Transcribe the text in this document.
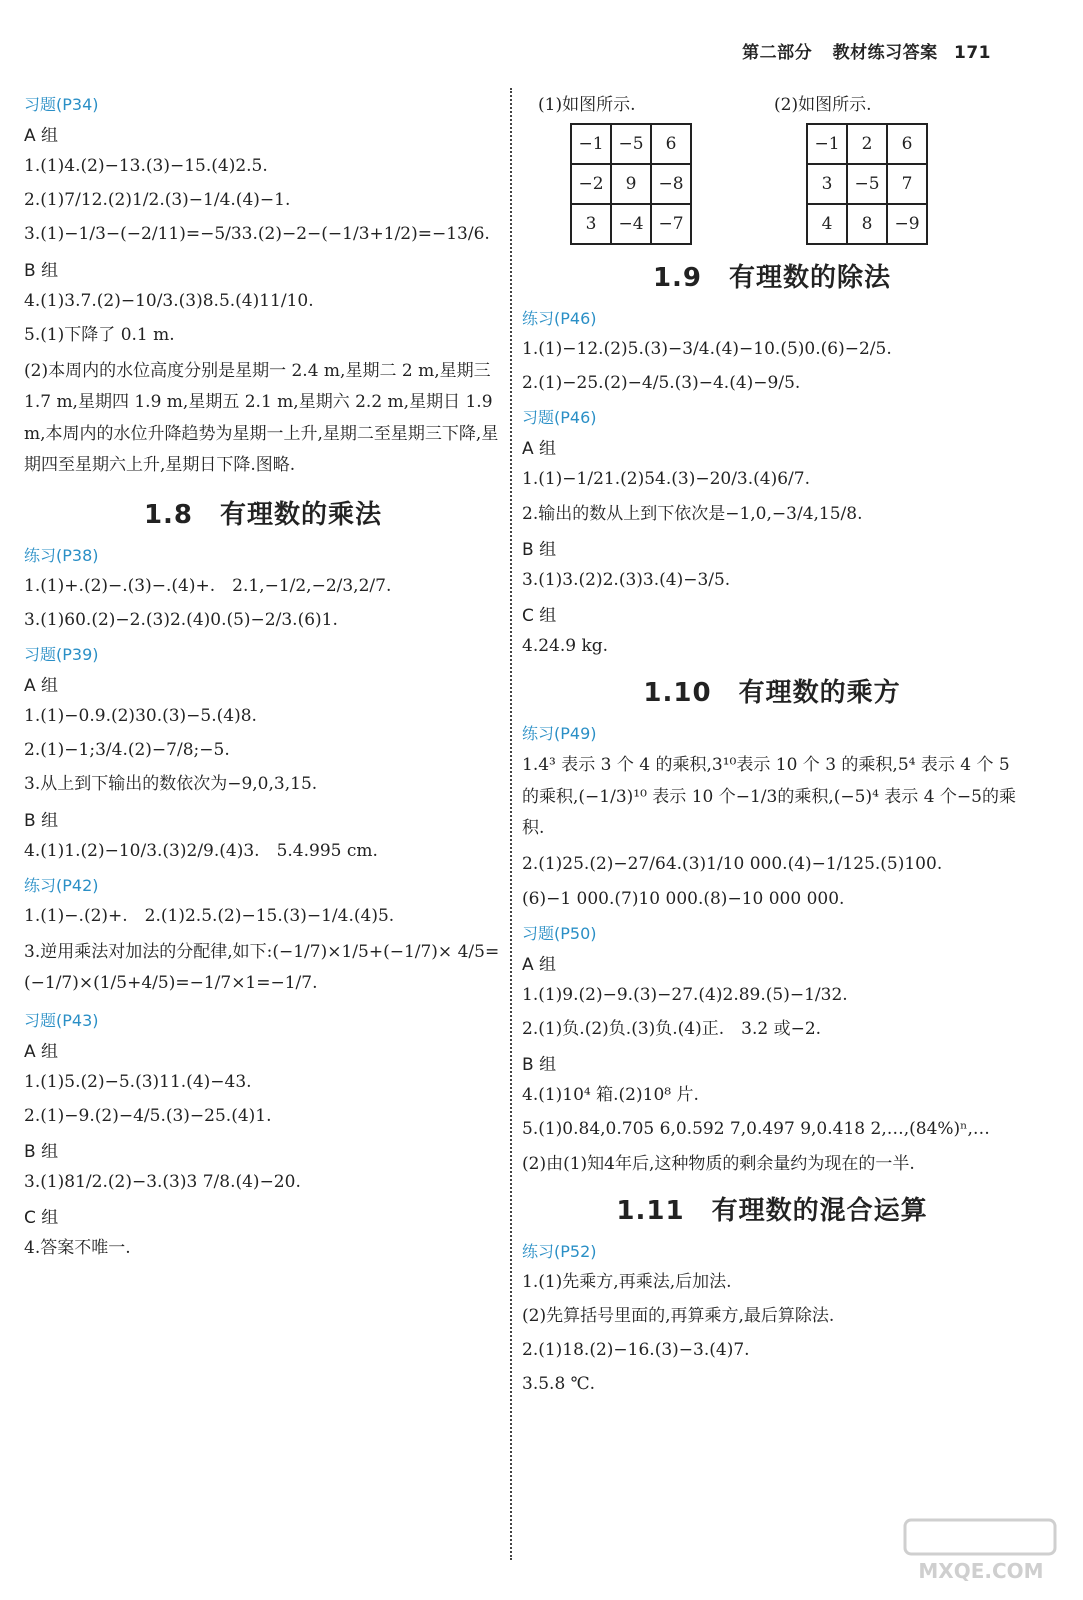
第二部分 教材练习答案 171
习题(P34)
A 组
1.(1)4.(2)−13.(3)−15.(4)2.5.
2.(1)7/12.(2)1/2.(3)−1/4.(4)−1.
3.(1)−1/3−(−2/11)=−5/33.(2)−2−(−1/3+1/2)=−13/6.
B 组
4.(1)3.7.(2)−10/3.(3)8.5.(4)11/10.
5.(1)下降了 0.1 m.
(2)本周内的水位高度分别是星期一 2.4 m,星期二 2 m,星期三 1.7 m,星期四 1.9 m,星期五 2.1 m,星期六 2.2 m,星期日 1.9 m,本周内的水位升降趋势为星期一上升,星期二至星期三下降,星期四至星期六上升,星期日下降.图略.
1.8　有理数的乘法
练习(P38)
1.(1)+.(2)−.(3)−.(4)+.　2.1,−1/2,−2/3,2/7.
3.(1)60.(2)−2.(3)2.(4)0.(5)−2/3.(6)1.
习题(P39)
A 组
1.(1)−0.9.(2)30.(3)−5.(4)8.
2.(1)−1;3/4.(2)−7/8;−5.
3.从上到下输出的数依次为−9,0,3,15.
B 组
4.(1)1.(2)−10/3.(3)2/9.(4)3.　5.4.995 cm.
练习(P42)
1.(1)−.(2)+.　2.(1)2.5.(2)−15.(3)−1/4.(4)5.
3.逆用乘法对加法的分配律,如下:(−1/7)×1/5+(−1/7)× 4/5=(−1/7)×(1/5+4/5)=−1/7×1=−1/7.
习题(P43)
A 组
1.(1)5.(2)−5.(3)11.(4)−43.
2.(1)−9.(2)−4/5.(3)−25.(4)1.
B 组
3.(1)81/2.(2)−3.(3)3 7/8.(4)−20.
C 组
4.答案不唯一.
(1)如图所示.
−1	−5	6
−2	9	−8
3	−4	−7
(2)如图所示.
−1	2	6
3	−5	7
4	8	−9
1.9　有理数的除法
练习(P46)
1.(1)−12.(2)5.(3)−3/4.(4)−10.(5)0.(6)−2/5.
2.(1)−25.(2)−4/5.(3)−4.(4)−9/5.
习题(P46)
A 组
1.(1)−1/21.(2)54.(3)−20/3.(4)6/7.
2.输出的数从上到下依次是−1,0,−3/4,15/8.
B 组
3.(1)3.(2)2.(3)3.(4)−3/5.
C 组
4.24.9 kg.
1.10　有理数的乘方
练习(P49)
1.4³ 表示 3 个 4 的乘积,3¹⁰表示 10 个 3 的乘积,5⁴ 表示 4 个 5 的乘积,(−1/3)¹⁰ 表示 10 个−1/3的乘积,(−5)⁴ 表示 4 个−5的乘积.
2.(1)25.(2)−27/64.(3)1/10 000.(4)−1/125.(5)100.
(6)−1 000.(7)10 000.(8)−10 000 000.
习题(P50)
A 组
1.(1)9.(2)−9.(3)−27.(4)2.89.(5)−1/32.
2.(1)负.(2)负.(3)负.(4)正.　3.2 或−2.
B 组
4.(1)10⁴ 箱.(2)10⁸ 片.
5.(1)0.84,0.705 6,0.592 7,0.497 9,0.418 2,…,(84%)ⁿ,…
(2)由(1)知4年后,这种物质的剩余量约为现在的一半.
1.11　有理数的混合运算
练习(P52)
1.(1)先乘方,再乘法,后加法.
(2)先算括号里面的,再算乘方,最后算除法.
2.(1)18.(2)−16.(3)−3.(4)7.
3.5.8 ℃.
MXQE.COM
